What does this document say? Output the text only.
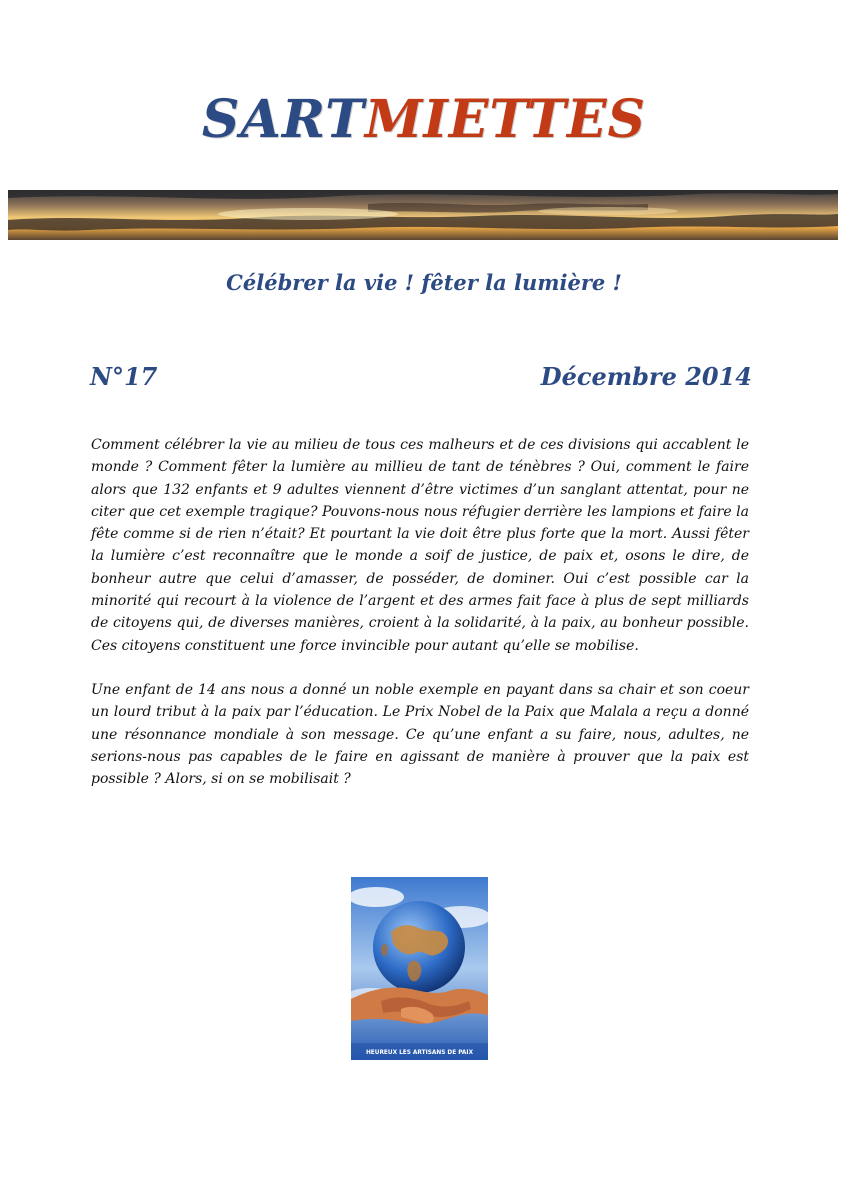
SARTMIETTES
Célébrer la vie ! fêter la lumière !
N°17	Décembre 2014

Comment célébrer la vie au milieu de tous ces malheurs et de ces divisions qui accablent le monde ? Comment fêter la lumière au millieu de tant de ténèbres ? Oui, comment le faire alors que 132 enfants et 9 adultes viennent d’être victimes d’un sanglant attentat, pour ne citer que cet exemple tragique? Pouvons-nous nous réfugier derrière les lampions et faire la fête comme si de rien n’était? Et pourtant la vie doit être plus forte que la mort. Aussi fêter la lumière c’est reconnaître que le monde a soif de justice, de paix et, osons le dire, de bonheur autre que celui d’amasser, de posséder, de dominer. Oui c’est possible car la minorité qui recourt à la violence de l’argent et des armes fait face à plus de sept milliards de citoyens qui, de diverses manières, croient à la solidarité, à la paix, au bonheur possible. Ces citoyens constituent une force invincible pour autant qu’elle se mobilise.

Une enfant de 14 ans nous a donné un noble exemple en payant dans sa chair et son coeur un lourd tribut à la paix par l’éducation. Le Prix Nobel de la Paix que Malala a reçu a donné une résonnance mondiale à son message. Ce qu’une enfant a su faire, nous, adultes, ne serions-nous pas capables de le faire en agissant de manière à prouver que la paix est possible ? Alors, si on se mobilisait ?

HEUREUX LES ARTISANS DE PAIX
